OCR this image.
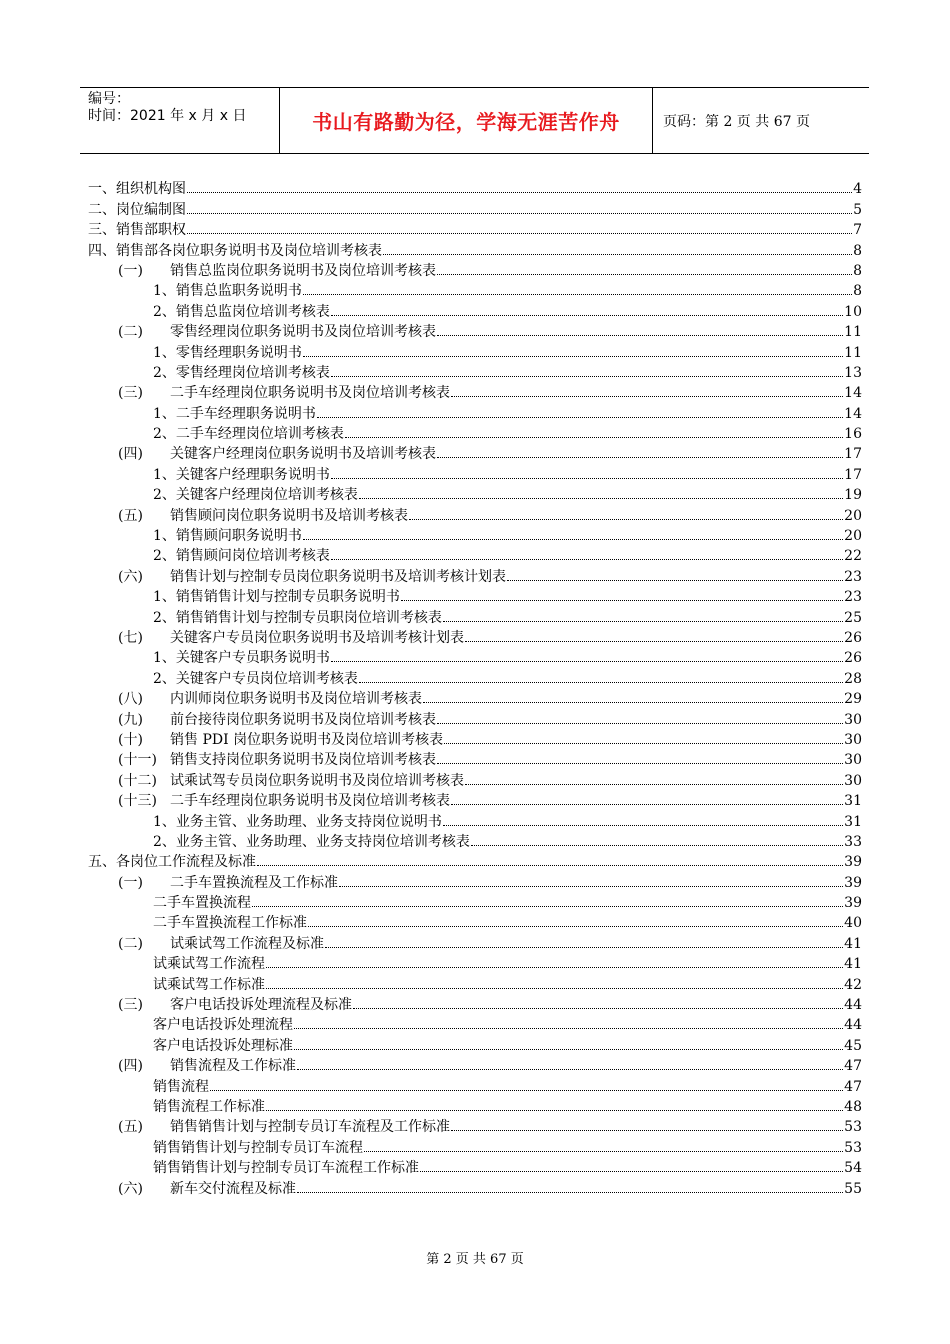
编号：
时间：2021 年 x 月 x 日	书山有路勤为径，学海无涯苦作舟	页码：第 2 页 共 67 页
一、组织机构图	4
二、岗位编制图	5
三、销售部职权	7
四、销售部各岗位职务说明书及岗位培训考核表	8
(一)	销售总监岗位职务说明书及岗位培训考核表	8
1、销售总监职务说明书	8
2、销售总监岗位培训考核表	10
(二)	零售经理岗位职务说明书及岗位培训考核表	11
1、零售经理职务说明书	11
2、零售经理岗位培训考核表	13
(三)	二手车经理岗位职务说明书及岗位培训考核表	14
1、二手车经理职务说明书	14
2、二手车经理岗位培训考核表	16
(四)	关键客户经理岗位职务说明书及培训考核表	17
1、关键客户经理职务说明书	17
2、关键客户经理岗位培训考核表	19
(五)	销售顾问岗位职务说明书及培训考核表	20
1、销售顾问职务说明书	20
2、销售顾问岗位培训考核表	22
(六)	销售计划与控制专员岗位职务说明书及培训考核计划表	23
1、销售销售计划与控制专员职务说明书	23
2、销售销售计划与控制专员职岗位培训考核表	25
(七)	关键客户专员岗位职务说明书及培训考核计划表	26
1、关键客户专员职务说明书	26
2、关键客户专员岗位培训考核表	28
(八)	内训师岗位职务说明书及岗位培训考核表	29
(九)	前台接待岗位职务说明书及岗位培训考核表	30
(十)	销售 PDI 岗位职务说明书及岗位培训考核表	30
(十一) 销售支持岗位职务说明书及岗位培训考核表	30
(十二) 试乘试驾专员岗位职务说明书及岗位培训考核表	30
(十三) 二手车经理岗位职务说明书及岗位培训考核表	31
1、业务主管、业务助理、业务支持岗位说明书	31
2、业务主管、业务助理、业务支持岗位培训考核表	33
五、各岗位工作流程及标准	39
(一)	二手车置换流程及工作标准	39
二手车置换流程	39
二手车置换流程工作标准	40
(二)	试乘试驾工作流程及标准	41
试乘试驾工作流程	41
试乘试驾工作标准	42
(三)	客户电话投诉处理流程及标准	44
客户电话投诉处理流程	44
客户电话投诉处理标准	45
(四)	销售流程及工作标准	47
销售流程	47
销售流程工作标准	48
(五)	销售销售计划与控制专员订车流程及工作标准	53
销售销售计划与控制专员订车流程	53
销售销售计划与控制专员订车流程工作标准	54
(六)	新车交付流程及标准	55
第 2 页 共 67 页
